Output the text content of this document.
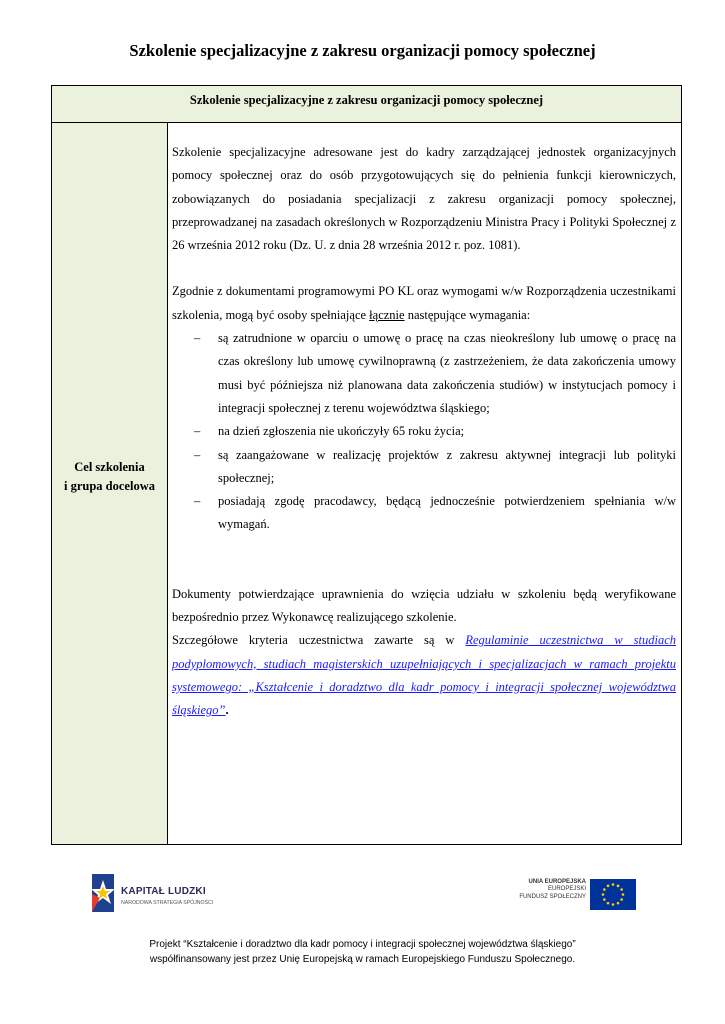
Szkolenie specjalizacyjne z zakresu organizacji pomocy społecznej
Szkolenie specjalizacyjne z zakresu organizacji pomocy społecznej
Cel szkolenia
i grupa docelowa

Szkolenie specjalizacyjne adresowane jest do kadry zarządzającej jednostek organizacyjnych pomocy społecznej oraz do osób przygotowujących się do pełnienia funkcji kierowniczych, zobowiązanych do posiadania specjalizacji z zakresu organizacji pomocy społecznej, przeprowadzanej na zasadach określonych w Rozporządzeniu Ministra Pracy i Polityki Społecznej z 26 września 2012 roku (Dz. U. z dnia 28 września 2012 r. poz. 1081).

Zgodnie z dokumentami programowymi PO KL oraz wymogami w/w Rozporządzenia uczestnikami szkolenia, mogą być osoby spełniające łącznie następujące wymagania:

– są zatrudnione w oparciu o umowę o pracę na czas nieokreślony lub umowę o pracę na czas określony lub umowę cywilnoprawną (z zastrzeżeniem, że data zakończenia umowy musi być późniejsza niż planowana data zakończenia studiów) w instytucjach pomocy i integracji społecznej z terenu województwa śląskiego;
– na dzień zgłoszenia nie ukończyły 65 roku życia;
– są zaangażowane w realizację projektów z zakresu aktywnej integracji lub polityki społecznej;
– posiadają zgodę pracodawcy, będącą jednocześnie potwierdzeniem spełniania w/w wymagań.

Dokumenty potwierdzające uprawnienia do wzięcia udziału w szkoleniu będą weryfikowane bezpośrednio przez Wykonawcę realizującego szkolenie.

Szczegółowe kryteria uczestnictwa zawarte są w Regulaminie uczestnictwa w studiach podyplomowych, studiach magisterskich uzupełniających i specjalizacjach w ramach projektu systemowego: „Kształcenie i doradztwo dla kadr pomocy i integracji społecznej województwa śląskiego”.

KAPITAŁ LUDZKI
NARODOWA STRATEGIA SPÓJNOŚCI
UNIA EUROPEJSKA
EUROPEJSKI
FUNDUSZ SPOŁECZNY
Projekt “Kształcenie i doradztwo dla kadr pomocy i integracji społecznej województwa śląskiego”
współfinansowany jest przez Unię Europejską w ramach Europejskiego Funduszu Społecznego.
